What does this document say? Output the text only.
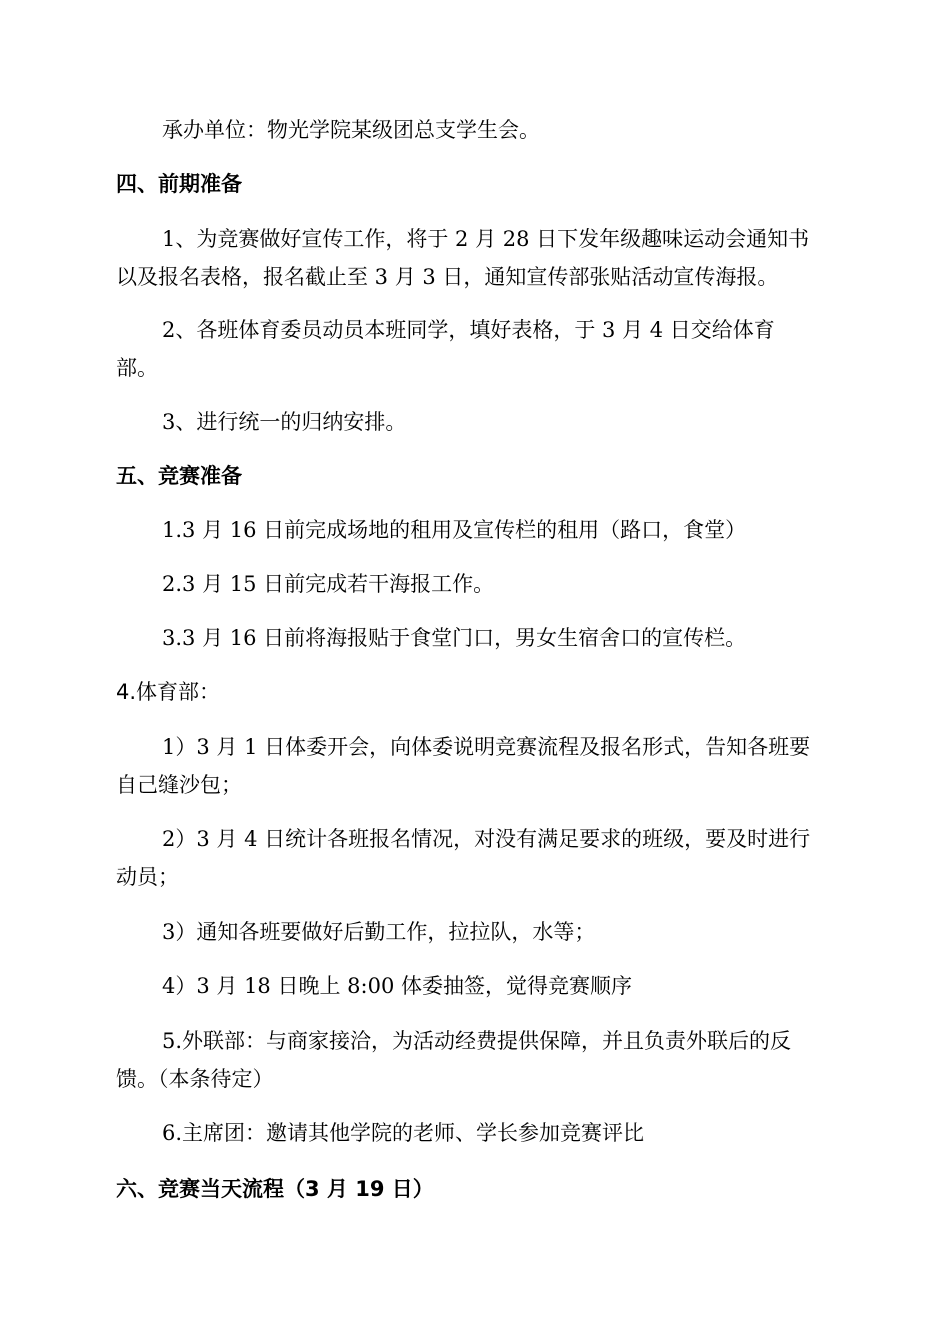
承办单位：物光学院某级团总支学生会。
四、前期准备
1、为竞赛做好宣传工作，将于 2 月 28 日下发年级趣味运动会通知书
以及报名表格，报名截止至 3 月 3 日，通知宣传部张贴活动宣传海报。
2、各班体育委员动员本班同学，填好表格，于 3 月 4 日交给体育
部。
3、进行统一的归纳安排。
五、竞赛准备
1.3 月 16 日前完成场地的租用及宣传栏的租用（路口，食堂）
2.3 月 15 日前完成若干海报工作。
3.3 月 16 日前将海报贴于食堂门口，男女生宿舍口的宣传栏。
4.体育部：
1）3 月 1 日体委开会，向体委说明竞赛流程及报名形式，告知各班要
自己缝沙包；
2）3 月 4 日统计各班报名情况，对没有满足要求的班级，要及时进行
动员；
3）通知各班要做好后勤工作，拉拉队，水等；
4）3 月 18 日晚上 8:00 体委抽签，觉得竞赛顺序
5.外联部：与商家接洽，为活动经费提供保障，并且负责外联后的反
馈。（本条待定）
6.主席团：邀请其他学院的老师、学长参加竞赛评比
六、竞赛当天流程（3 月 19 日）
